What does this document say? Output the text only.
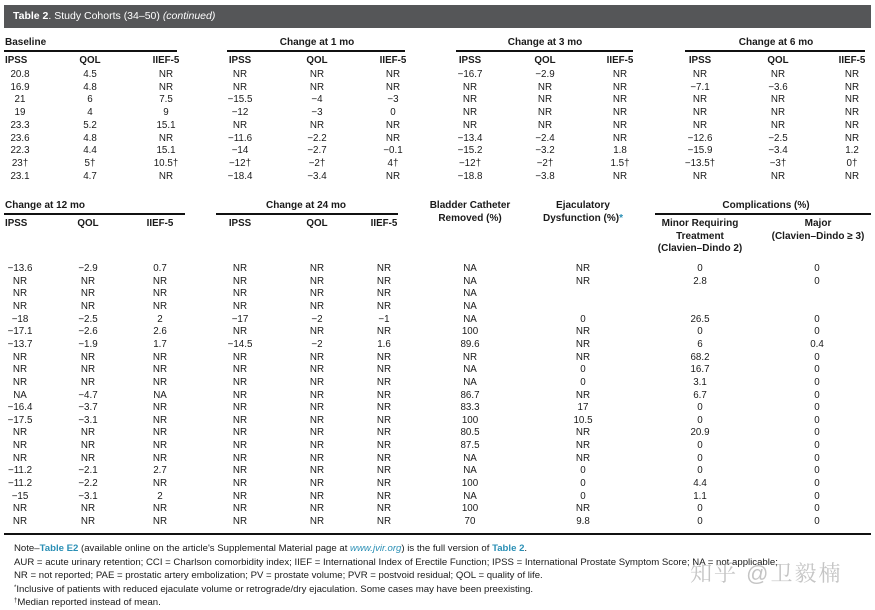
Table 2. Study Cohorts (34–50) (continued)
Baseline	Change at 1 mo	Change at 3 mo	Change at 6 mo
IPSS	QOL	IIEF-5	IPSS	QOL	IIEF-5	IPSS	QOL	IIEF-5	IPSS	QOL	IIEF-5
20.8	4.5	NR	NR	NR	NR	−16.7	−2.9	NR	NR	NR	NR
16.9	4.8	NR	NR	NR	NR	NR	NR	NR	−7.1	−3.6	NR
21	6	7.5	−15.5	−4	−3	NR	NR	NR	NR	NR	NR
19	4	9	−12	−3	0	NR	NR	NR	NR	NR	NR
23.3	5.2	15.1	NR	NR	NR	NR	NR	NR	NR	NR	NR
23.6	4.8	NR	−11.6	−2.2	NR	−13.4	−2.4	NR	−12.6	−2.5	NR
22.3	4.4	15.1	−14	−2.7	−0.1	−15.2	−3.2	1.8	−15.9	−3.4	1.2
23†	5†	10.5†	−12†	−2†	4†	−12†	−2†	1.5†	−13.5†	−3†	0†
23.1	4.7	NR	−18.4	−3.4	NR	−18.8	−3.8	NR	NR	NR	NR
Change at 12 mo	Change at 24 mo	Bladder Catheter
Removed (%)
Ejaculatory
Dysfunction (%)*
Complications (%)
Minor Requiring
Treatment
(Clavien–Dindo 2)
Major
(Clavien–Dindo ≥ 3)
IPSS	QOL	IIEF-5	IPSS	QOL	IIEF-5
−13.6	−2.9	0.7	NR	NR	NR	NA	NR	0	0
NR	NR	NR	NR	NR	NR	NA	NR	2.8	0
NR	NR	NR	NR	NR	NR	NA
NR	NR	NR	NR	NR	NR	NA
−18	−2.5	2	−17	−2	−1	NA	0	26.5	0
−17.1	−2.6	2.6	NR	NR	NR	100	NR	0	0
−13.7	−1.9	1.7	−14.5	−2	1.6	89.6	NR	6	0.4
NR	NR	NR	NR	NR	NR	NR	NR	68.2	0
NR	NR	NR	NR	NR	NR	NA	0	16.7	0
NR	NR	NR	NR	NR	NR	NA	0	3.1	0
NA	−4.7	NA	NR	NR	NR	86.7	NR	6.7	0
−16.4	−3.7	NR	NR	NR	NR	83.3	17	0	0
−17.5	−3.1	NR	NR	NR	NR	100	10.5	0	0
NR	NR	NR	NR	NR	NR	80.5	NR	20.9	0
NR	NR	NR	NR	NR	NR	87.5	NR	0	0
NR	NR	NR	NR	NR	NR	NA	NR	0	0
−11.2	−2.1	2.7	NR	NR	NR	NA	0	0	0
−11.2	−2.2	NR	NR	NR	NR	100	0	4.4	0
−15	−3.1	2	NR	NR	NR	NA	0	1.1	0
NR	NR	NR	NR	NR	NR	100	NR	0	0
NR	NR	NR	NR	NR	NR	70	9.8	0	0
Note–Table E2 (available online on the article's Supplemental Material page at www.jvir.org) is the full version of Table 2.
AUR = acute urinary retention; CCI = Charlson comorbidity index; IIEF = International Index of Erectile Function; IPSS = International Prostate Symptom Score; NA = not applicable;
NR = not reported; PAE = prostatic artery embolization; PV = prostate volume; PVR = postvoid residual; QOL = quality of life.
*Inclusive of patients with reduced ejaculate volume or retrograde/dry ejaculation. Some cases may have been preexisting.
†Median reported instead of mean.
知乎 @卫毅楠
